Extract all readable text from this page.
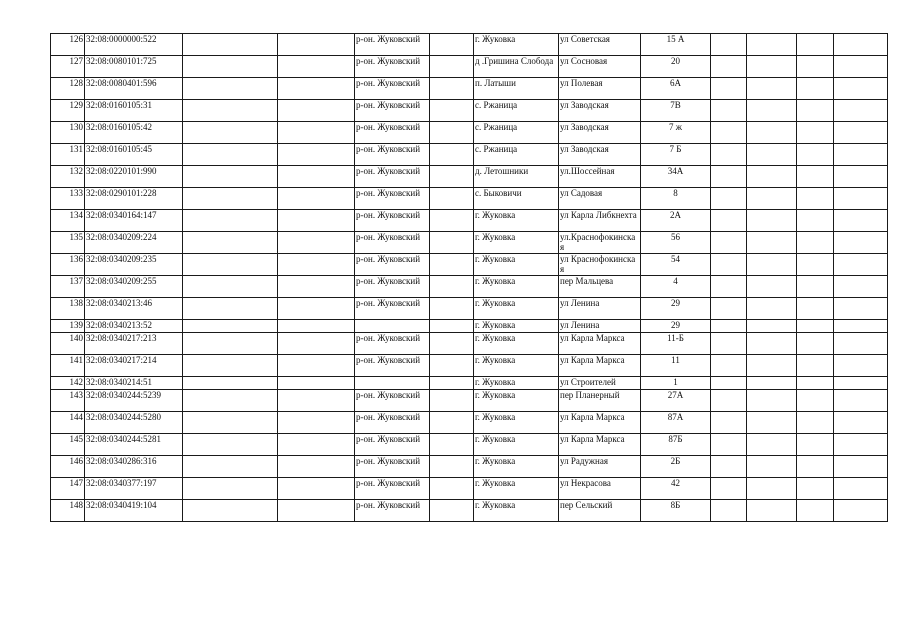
126	32:08:0000000:522			р-он. Жуковский		г. Жуковка	ул Советская	15 А				
127	32:08:0080101:725			р-он. Жуковский		д .Гришина Слобода	ул Сосновая	20				
128	32:08:0080401:596			р-он. Жуковский		п. Латыши	ул Полевая	6А				
129	32:08:0160105:31			р-он. Жуковский		с. Ржаница	ул Заводская	7В				
130	32:08:0160105:42			р-он. Жуковский		с. Ржаница	ул Заводская	7 ж				
131	32:08:0160105:45			р-он. Жуковский		с. Ржаница	ул Заводская	7 Б				
132	32:08:0220101:990			р-он. Жуковский		д. Летошники	ул.Шоссейная	34А				
133	32:08:0290101:228			р-он. Жуковский		с. Быковичи	ул Садовая	8				
134	32:08:0340164:147			р-он. Жуковский		г. Жуковка	ул Карла Либкнехта	2А				
135	32:08:0340209:224			р-он. Жуковский		г. Жуковка	ул.Краснофокинская	56				
136	32:08:0340209:235			р-он. Жуковский		г. Жуковка	ул Краснофокинская	54				
137	32:08:0340209:255			р-он. Жуковский		г. Жуковка	пер Мальцева	4				
138	32:08:0340213:46			р-он. Жуковский		г. Жуковка	ул Ленина	29				
139	32:08:0340213:52					г. Жуковка	ул Ленина	29				
140	32:08:0340217:213			р-он. Жуковский		г. Жуковка	ул Карла Маркса	11-Б				
141	32:08:0340217:214			р-он. Жуковский		г. Жуковка	ул Карла Маркса	11				
142	32:08:0340214:51					г. Жуковка	ул Строителей	1				
143	32:08:0340244:5239			р-он. Жуковский		г. Жуковка	пер Планерный	27А				
144	32:08:0340244:5280			р-он. Жуковский		г. Жуковка	ул Карла Маркса	87А				
145	32:08:0340244:5281			р-он. Жуковский		г. Жуковка	ул Карла Маркса	87Б				
146	32:08:0340286:316			р-он. Жуковский		г. Жуковка	ул Радужная	2Б				
147	32:08:0340377:197			р-он. Жуковский		г. Жуковка	ул Некрасова	42				
148	32:08:0340419:104			р-он. Жуковский		г. Жуковка	пер Сельский	8Б				
